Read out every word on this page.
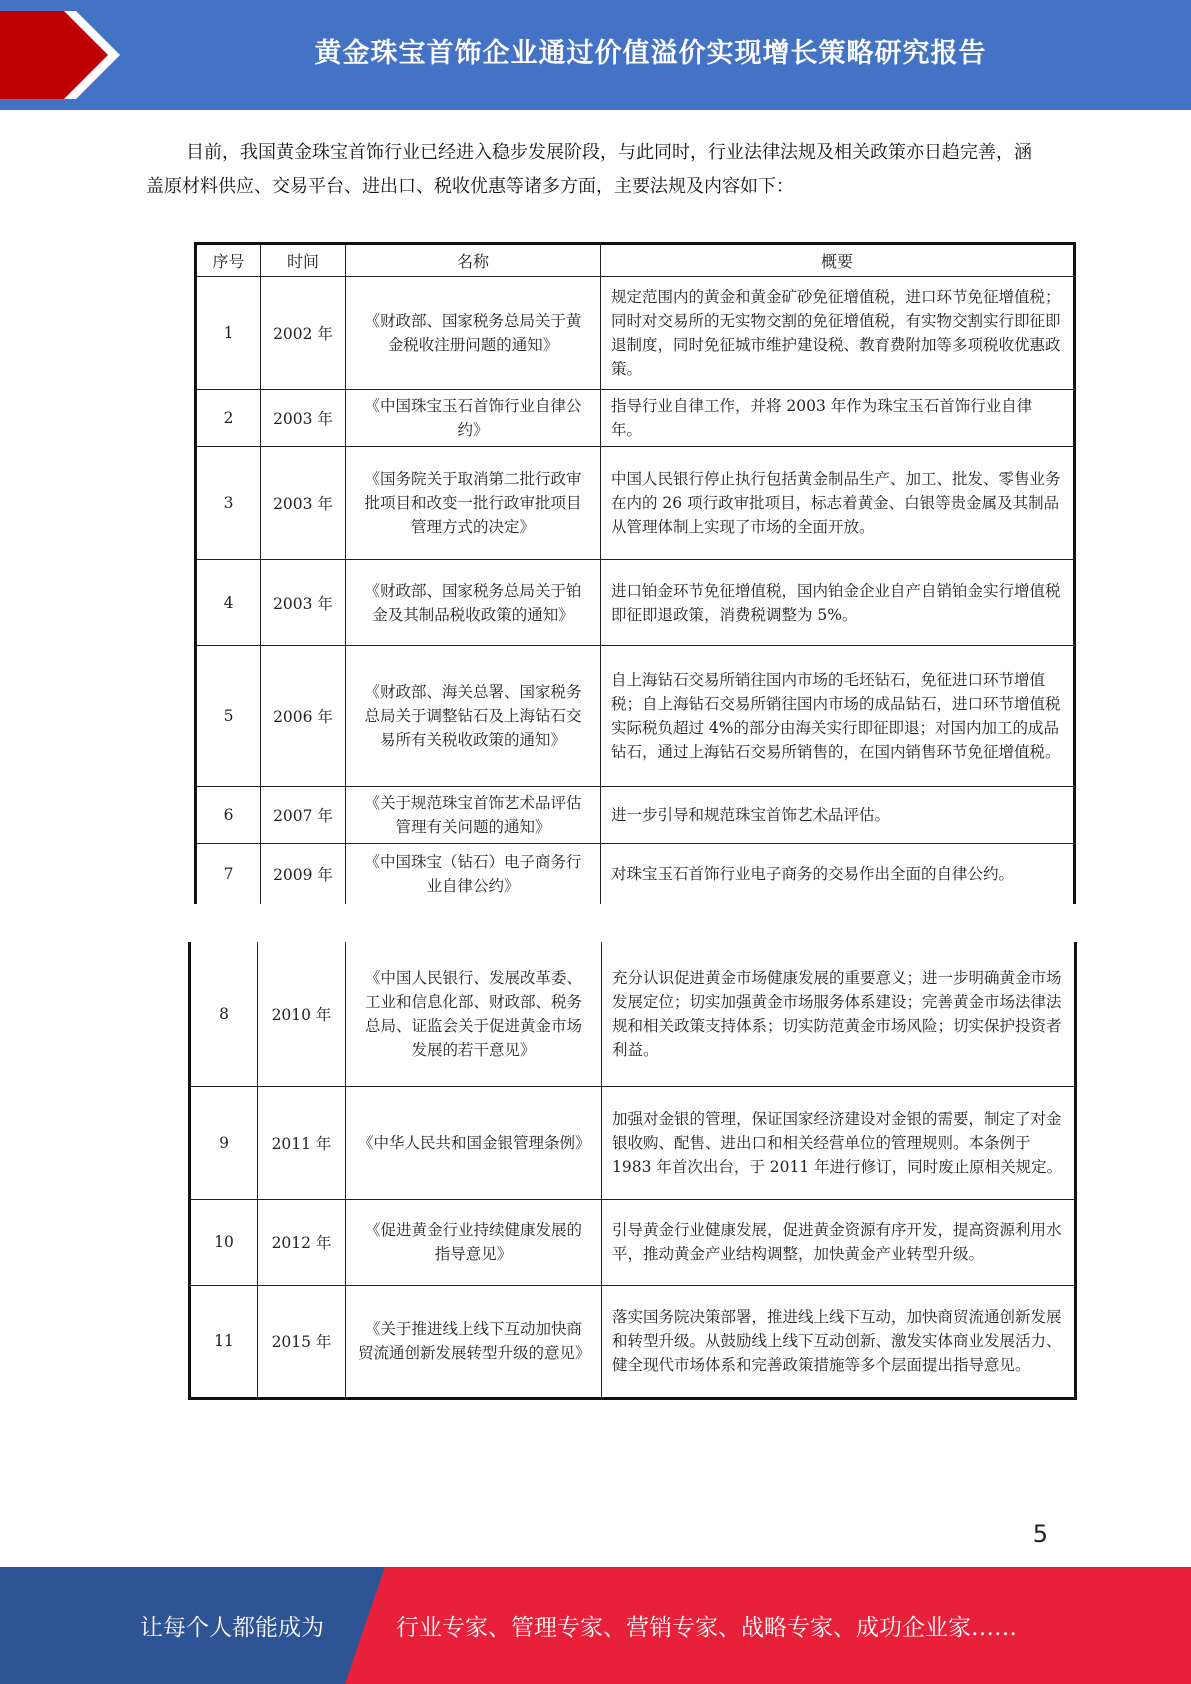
黄金珠宝首饰企业通过价值溢价实现增长策略研究报告

目前，我国黄金珠宝首饰行业已经进入稳步发展阶段，与此同时，行业法律法规及相关政策亦日趋完善，涵盖原材料供应、交易平台、进出口、税收优惠等诸多方面，主要法规及内容如下：

序号	时间	名称	概要
1	2002 年	《财政部、国家税务总局关于黄金税收注册问题的通知》	规定范围内的黄金和黄金矿砂免征增值税，进口环节免征增值税；同时对交易所的无实物交割的免征增值税，有实物交割实行即征即退制度，同时免征城市维护建设税、教育费附加等多项税收优惠政策。
2	2003 年	《中国珠宝玉石首饰行业自律公约》	指导行业自律工作，并将 2003 年作为珠宝玉石首饰行业自律年。
3	2003 年	《国务院关于取消第二批行政审批项目和改变一批行政审批项目管理方式的决定》	中国人民银行停止执行包括黄金制品生产、加工、批发、零售业务在内的 26 项行政审批项目，标志着黄金、白银等贵金属及其制品从管理体制上实现了市场的全面开放。
4	2003 年	《财政部、国家税务总局关于铂金及其制品税收政策的通知》	进口铂金环节免征增值税，国内铂金企业自产自销铂金实行增值税即征即退政策，消费税调整为 5%。
5	2006 年	《财政部、海关总署、国家税务总局关于调整钻石及上海钻石交易所有关税收政策的通知》	自上海钻石交易所销往国内市场的毛坯钻石，免征进口环节增值税；自上海钻石交易所销往国内市场的成品钻石，进口环节增值税实际税负超过 4%的部分由海关实行即征即退；对国内加工的成品钻石，通过上海钻石交易所销售的，在国内销售环节免征增值税。
6	2007 年	《关于规范珠宝首饰艺术品评估管理有关问题的通知》	进一步引导和规范珠宝首饰艺术品评估。
7	2009 年	《中国珠宝（钻石）电子商务行业自律公约》	对珠宝玉石首饰行业电子商务的交易作出全面的自律公约。
8	2010 年	《中国人民银行、发展改革委、工业和信息化部、财政部、税务总局、证监会关于促进黄金市场发展的若干意见》	充分认识促进黄金市场健康发展的重要意义；进一步明确黄金市场发展定位；切实加强黄金市场服务体系建设；完善黄金市场法律法规和相关政策支持体系；切实防范黄金市场风险；切实保护投资者利益。
9	2011 年	《中华人民共和国金银管理条例》	加强对金银的管理，保证国家经济建设对金银的需要，制定了对金银收购、配售、进出口和相关经营单位的管理规则。本条例于 1983 年首次出台，于 2011 年进行修订，同时废止原相关规定。
10	2012 年	《促进黄金行业持续健康发展的指导意见》	引导黄金行业健康发展，促进黄金资源有序开发，提高资源利用水平，推动黄金产业结构调整，加快黄金产业转型升级。
11	2015 年	《关于推进线上线下互动加快商贸流通创新发展转型升级的意见》	落实国务院决策部署，推进线上线下互动，加快商贸流通创新发展和转型升级。从鼓励线上线下互动创新、激发实体商业发展活力、健全现代市场体系和完善政策措施等多个层面提出指导意见。
5
让每个人都能成为	行业专家、管理专家、营销专家、战略专家、成功企业家……
